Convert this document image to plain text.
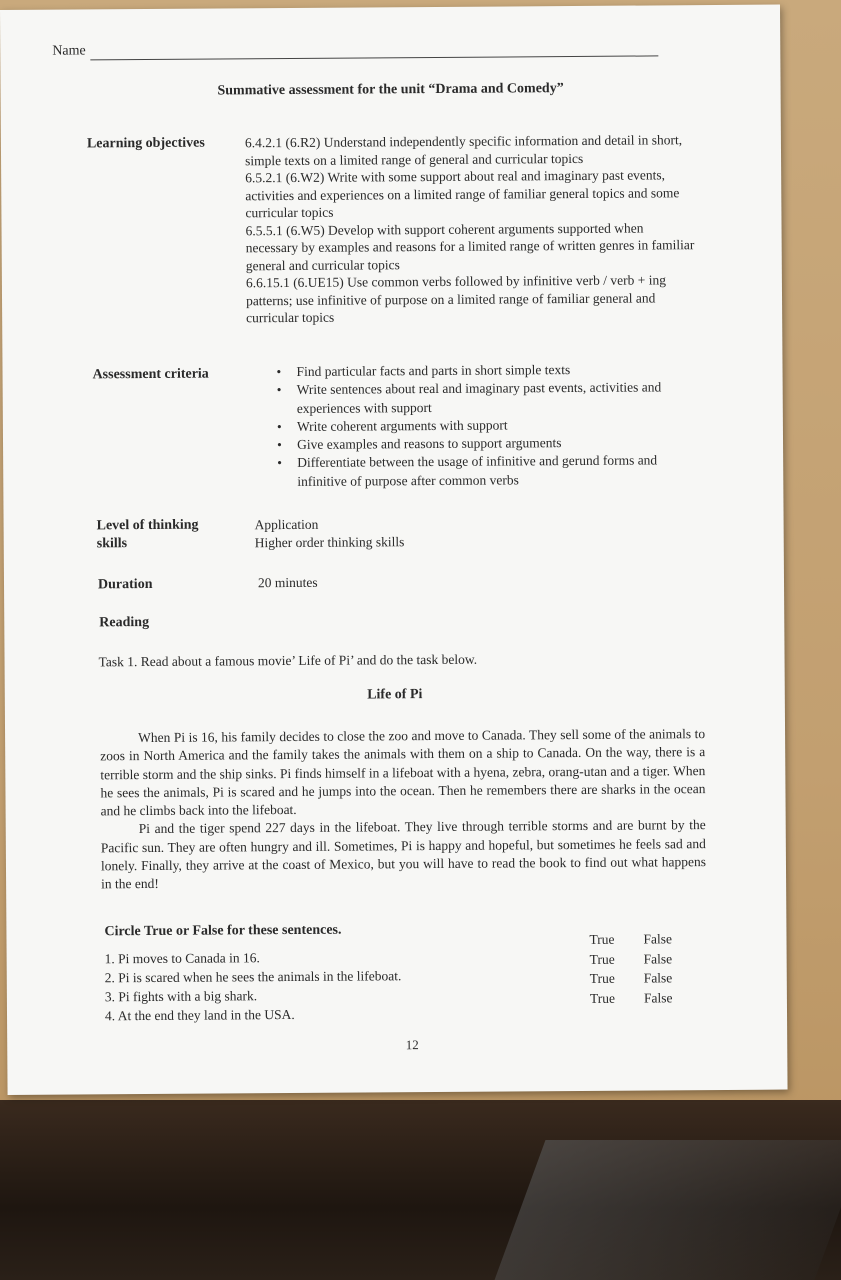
Name
Summative assessment for the unit “Drama and Comedy”
Learning objectives	6.4.2.1 (6.R2) Understand independently specific information and detail in short, simple texts on a limited range of general and curricular topics
6.5.2.1 (6.W2) Write with some support about real and imaginary past events, activities and experiences on a limited range of familiar general topics and some curricular topics
6.5.5.1 (6.W5) Develop with support coherent arguments supported when necessary by examples and reasons for a limited range of written genres in familiar general and curricular topics
6.6.15.1 (6.UE15) Use common verbs followed by infinitive verb / verb + ing patterns; use infinitive of purpose on a limited range of familiar general and curricular topics
Assessment criteria
•	Find particular facts and parts in short simple texts
• Write sentences about real and imaginary past events, activities and experiences with support
• Write coherent arguments with support
• Give examples and reasons to support arguments
• Differentiate between the usage of infinitive and gerund forms and infinitive of purpose after common verbs
Level of thinking
skills
Application
Higher order thinking skills
Duration	20 minutes
Reading
Task 1. Read about a famous movie’ Life of Pi’ and do the task below.
Life of Pi

When Pi is 16, his family decides to close the zoo and move to Canada. They sell some of the animals to zoos in North America and the family takes the animals with them on a ship to Canada. On the way, there is a terrible storm and the ship sinks. Pi finds himself in a lifeboat with a hyena, zebra, orang-utan and a tiger. When he sees the animals, Pi is scared and he jumps into the ocean. Then he remembers there are sharks in the ocean and he climbs back into the lifeboat.

Pi and the tiger spend 227 days in the lifeboat. They live through terrible storms and are burnt by the Pacific sun. They are often hungry and ill. Sometimes, Pi is happy and hopeful, but sometimes he feels sad and lonely. Finally, they arrive at the coast of Mexico, but you will have to read the book to find out what happens in the end!

Circle True or False for these sentences.
1. Pi moves to Canada in 16.
2. Pi is scared when he sees the animals in the lifeboat.
3. Pi fights with a big shark.
4. At the end they land in the USA.
True
True
True
True
False
False
False
False
12
